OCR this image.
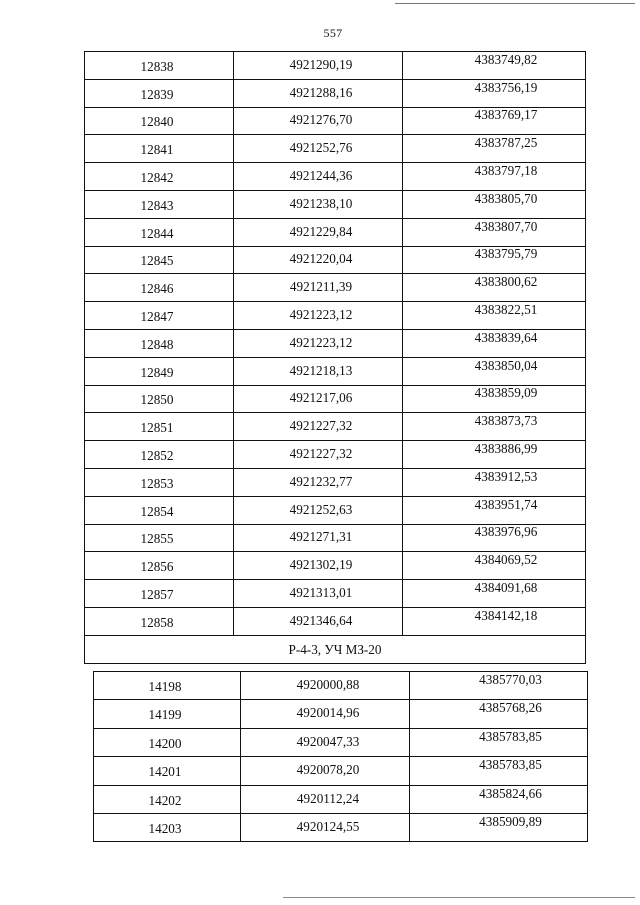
557
12838	4921290,19	4383749,82
12839	4921288,16	4383756,19
12840	4921276,70	4383769,17
12841	4921252,76	4383787,25
12842	4921244,36	4383797,18
12843	4921238,10	4383805,70
12844	4921229,84	4383807,70
12845	4921220,04	4383795,79
12846	4921211,39	4383800,62
12847	4921223,12	4383822,51
12848	4921223,12	4383839,64
12849	4921218,13	4383850,04
12850	4921217,06	4383859,09
12851	4921227,32	4383873,73
12852	4921227,32	4383886,99
12853	4921232,77	4383912,53
12854	4921252,63	4383951,74
12855	4921271,31	4383976,96
12856	4921302,19	4384069,52
12857	4921313,01	4384091,68
12858	4921346,64	4384142,18
Р-4-3, УЧ МЗ-20		
14198	4920000,88	4385770,03
14199	4920014,96	4385768,26
14200	4920047,33	4385783,85
14201	4920078,20	4385783,85
14202	4920112,24	4385824,66
14203	4920124,55	4385909,89
